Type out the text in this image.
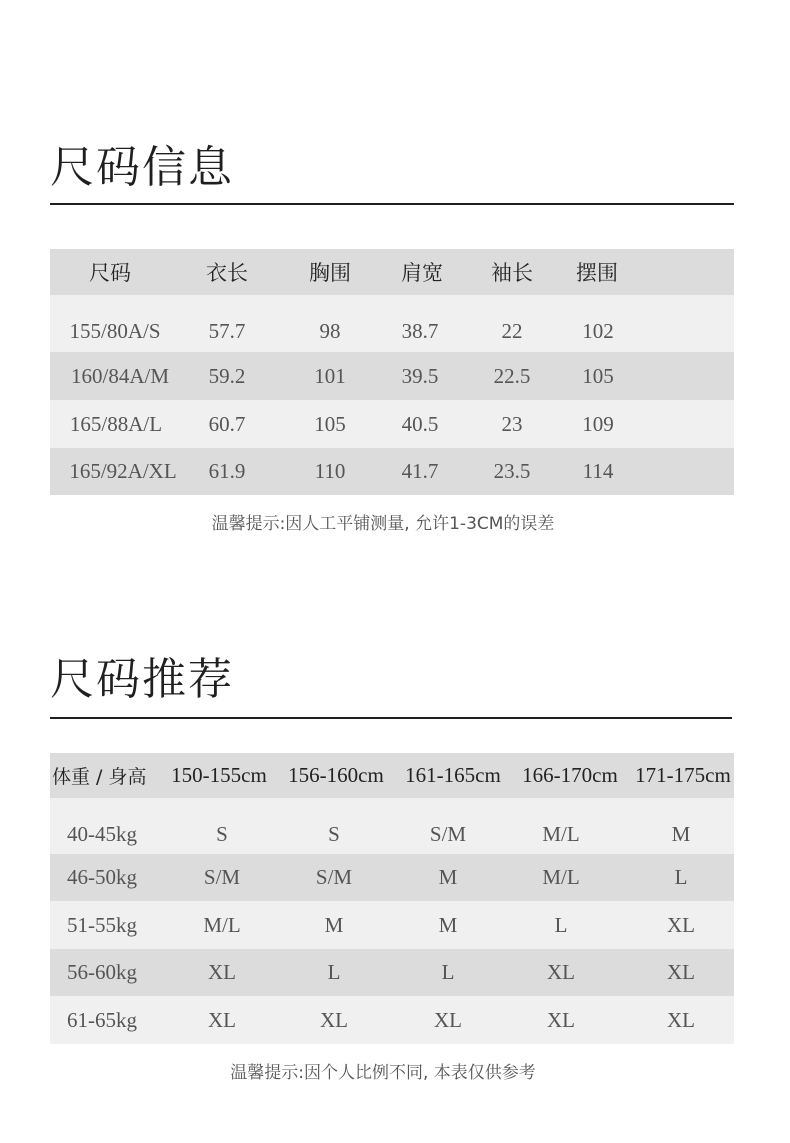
尺码信息
尺码	衣长	胸围	肩宽	袖长	摆围
155/80A/S	57.7	98	38.7	22	102
160/84A/M	59.2	101	39.5	22.5	105
165/88A/L	60.7	105	40.5	23	109
165/92A/XL	61.9	110	41.7	23.5	114
温馨提示:因人工平铺测量, 允许1-3CM的误差
尺码推荐
体重 / 身高	150-155cm	156-160cm	161-165cm	166-170cm 171-175cm
40-45kg	S	S	S/M	M/L	M
46-50kg	S/M	S/M	M	M/L	L
51-55kg	M/L	M	M	L	XL
56-60kg	XL	L	L	XL	XL
61-65kg	XL	XL	XL	XL	XL
温馨提示:因个人比例不同, 本表仅供参考
